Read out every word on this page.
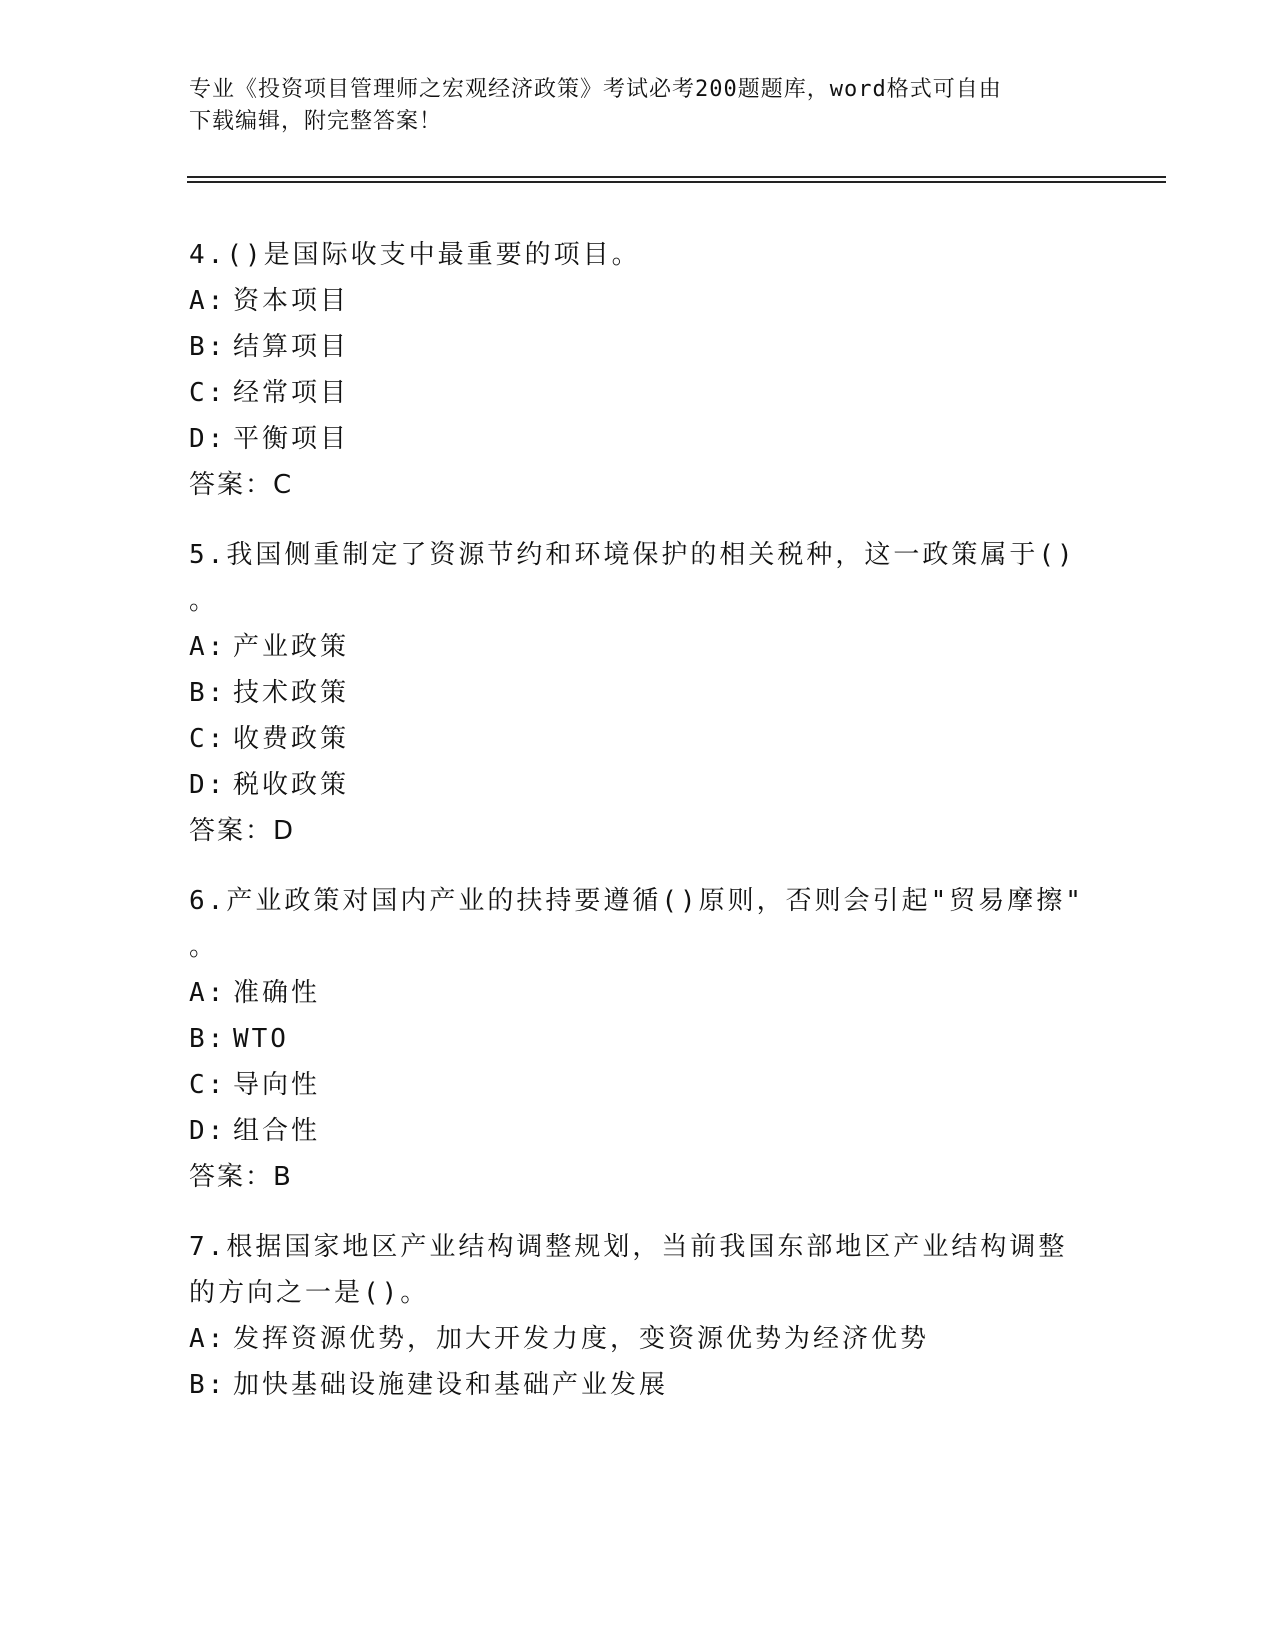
专业《投资项目管理师之宏观经济政策》考试必考200题题库，word格式可自由
下载编辑，附完整答案！
4.()是国际收支中最重要的项目。
A: 资本项目
B: 结算项目
C: 经常项目
D: 平衡项目
答案：C
5.我国侧重制定了资源节约和环境保护的相关税种，这一政策属于()
。
A: 产业政策
B: 技术政策
C: 收费政策
D: 税收政策
答案：D
6.产业政策对国内产业的扶持要遵循()原则，否则会引起"贸易摩擦"
。
A: 准确性
B: WTO
C: 导向性
D: 组合性
答案：B
7.根据国家地区产业结构调整规划，当前我国东部地区产业结构调整
的方向之一是()。
A: 发挥资源优势，加大开发力度，变资源优势为经济优势
B: 加快基础设施建设和基础产业发展
